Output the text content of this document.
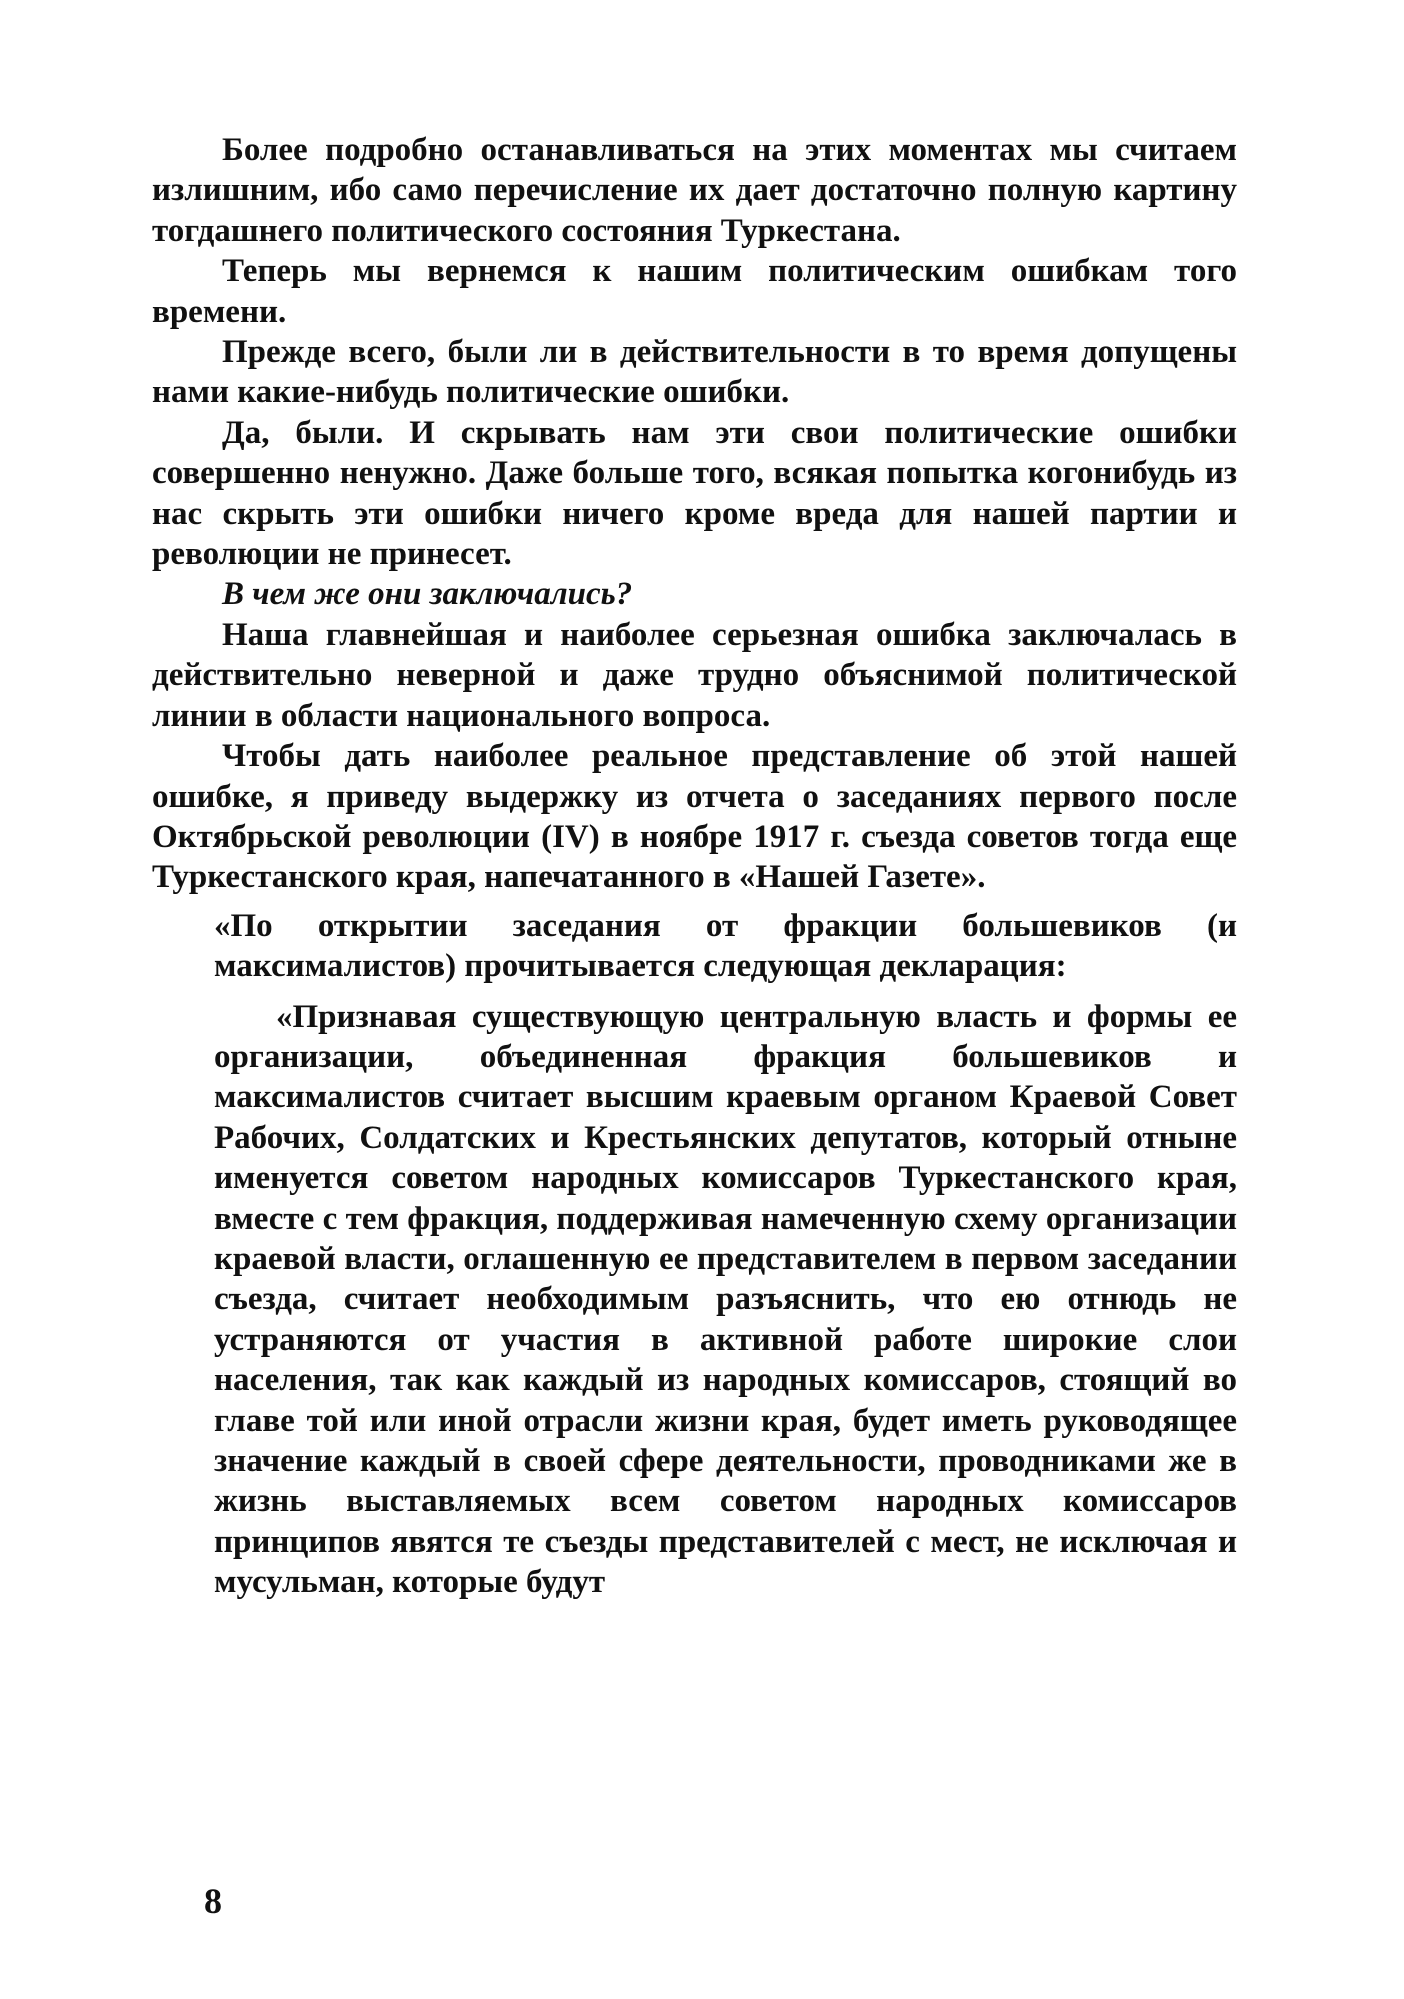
Более подробно останавливаться на этих моментах мы считаем излишним, ибо само перечисление их дает достаточно полную картину тогдашнего политического состояния Туркестана.

Теперь мы вернемся к нашим политическим ошибкам того времени.

Прежде всего, были ли в действительности в то время допущены нами какие-нибудь политические ошибки.

Да, были. И скрывать нам эти свои политические ошибки совершенно ненужно. Даже больше того, всякая попытка когонибудь из нас скрыть эти ошибки ничего кроме вреда для нашей партии и революции не принесет.

В чем же они заключались?

Наша главнейшая и наиболее серьезная ошибка заключалась в действительно неверной и даже трудно объяснимой политической линии в области национального вопроса.

Чтобы дать наиболее реальное представление об этой нашей ошибке, я приведу выдержку из отчета о заседаниях первого после Октябрьской революции (IV) в ноябре 1917 г. съезда советов тогда еще Туркестанского края, напечатанного в «Нашей Газете».

«По открытии заседания от фракции большевиков (и максималистов) прочитывается следующая декларация:

«Признавая существующую центральную власть и формы ее организации, объединенная фракция большевиков и максималистов считает высшим краевым органом Краевой Совет Рабочих, Солдатских и Крестьянских депутатов, который отныне именуется советом народных комиссаров Туркестанского края, вместе с тем фракция, поддерживая намеченную схему организации краевой власти, оглашенную ее представителем в первом заседании съезда, считает необходимым разъяснить, что ею отнюдь не устраняются от участия в активной работе широкие слои населения, так как каждый из народных комиссаров, стоящий во главе той или иной отрасли жизни края, будет иметь руководящее значение каждый в своей сфере деятельности, проводниками же в жизнь выставляемых всем советом народных комиссаров принципов явятся те съезды представителей с мест, не исключая и мусульман, которые будут

8
